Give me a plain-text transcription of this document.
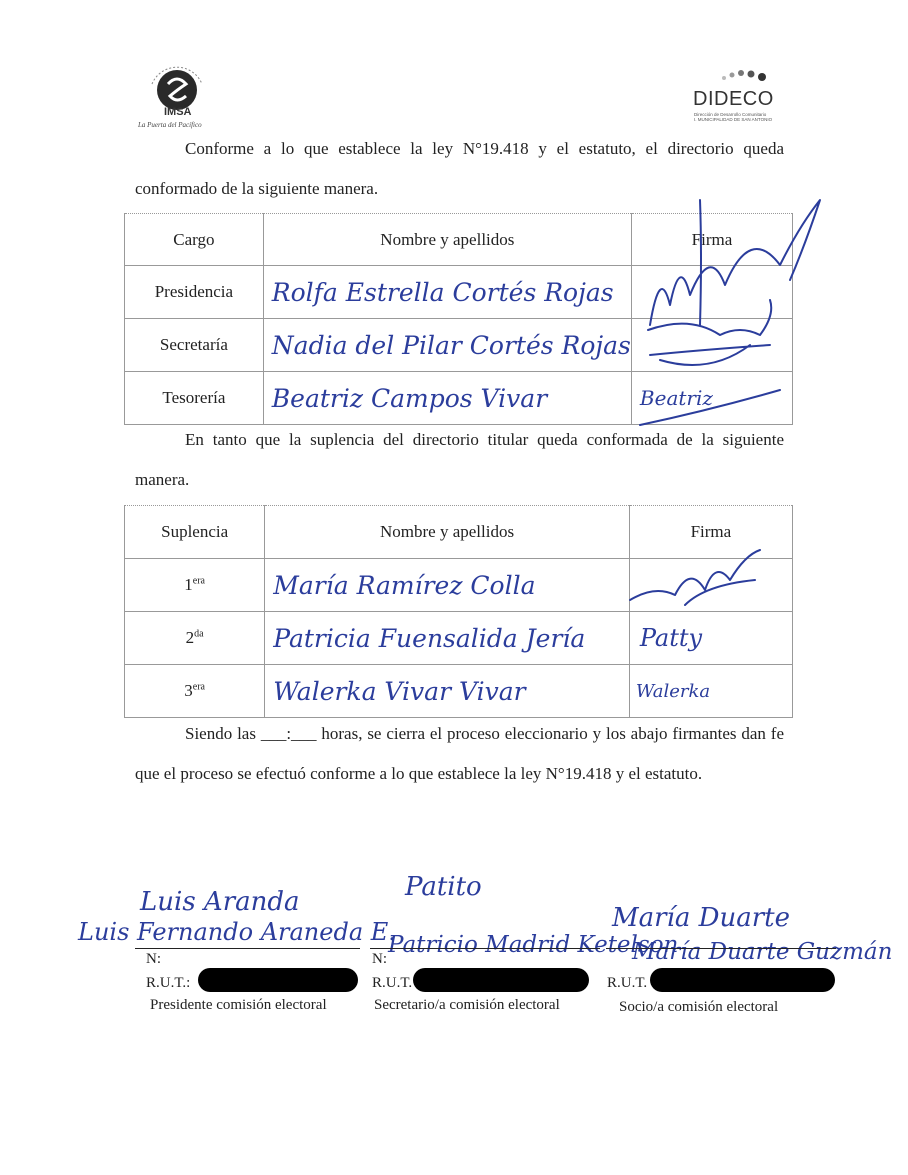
IMSA
La Puerta del Pacífico
DIDECO
Dirección de Desarrollo Comunitario
I. MUNICIPALIDAD DE SAN ANTONIO
Conforme a lo que establece la ley N°19.418 y el estatuto, el directorio queda conformado de la siguiente manera.
Cargo	Nombre y apellidos	Firma
Presidencia	Rolfa Estrella Cortés Rojas	
Secretaría	Nadia del Pilar Cortés Rojas	
Tesorería	Beatriz Campos Vivar	Beatriz
En tanto que la suplencia del directorio titular queda conformada de la siguiente manera.
Suplencia	Nombre y apellidos	Firma
$1^{era}$	María Ramírez Colla	
$2^{da}$	Patricia Fuensalida Jería	Patty
$3^{era}$	Walerka Vivar Vivar	Walerka
Siendo las ___:___ horas, se cierra el proceso eleccionario y los abajo firmantes dan fe que el proceso se efectuó conforme a lo que establece la ley N°19.418 y el estatuto.
Luis Aranda
Luis Fernando Araneda E.
N:
R.U.T.:
Presidente comisión electoral
Patito
Patricio Madrid Ketelson
N:
R.U.T.
Secretario/a comisión electoral
María Duarte
María Duarte Guzmán
R.U.T.
Socio/a comisión electoral
